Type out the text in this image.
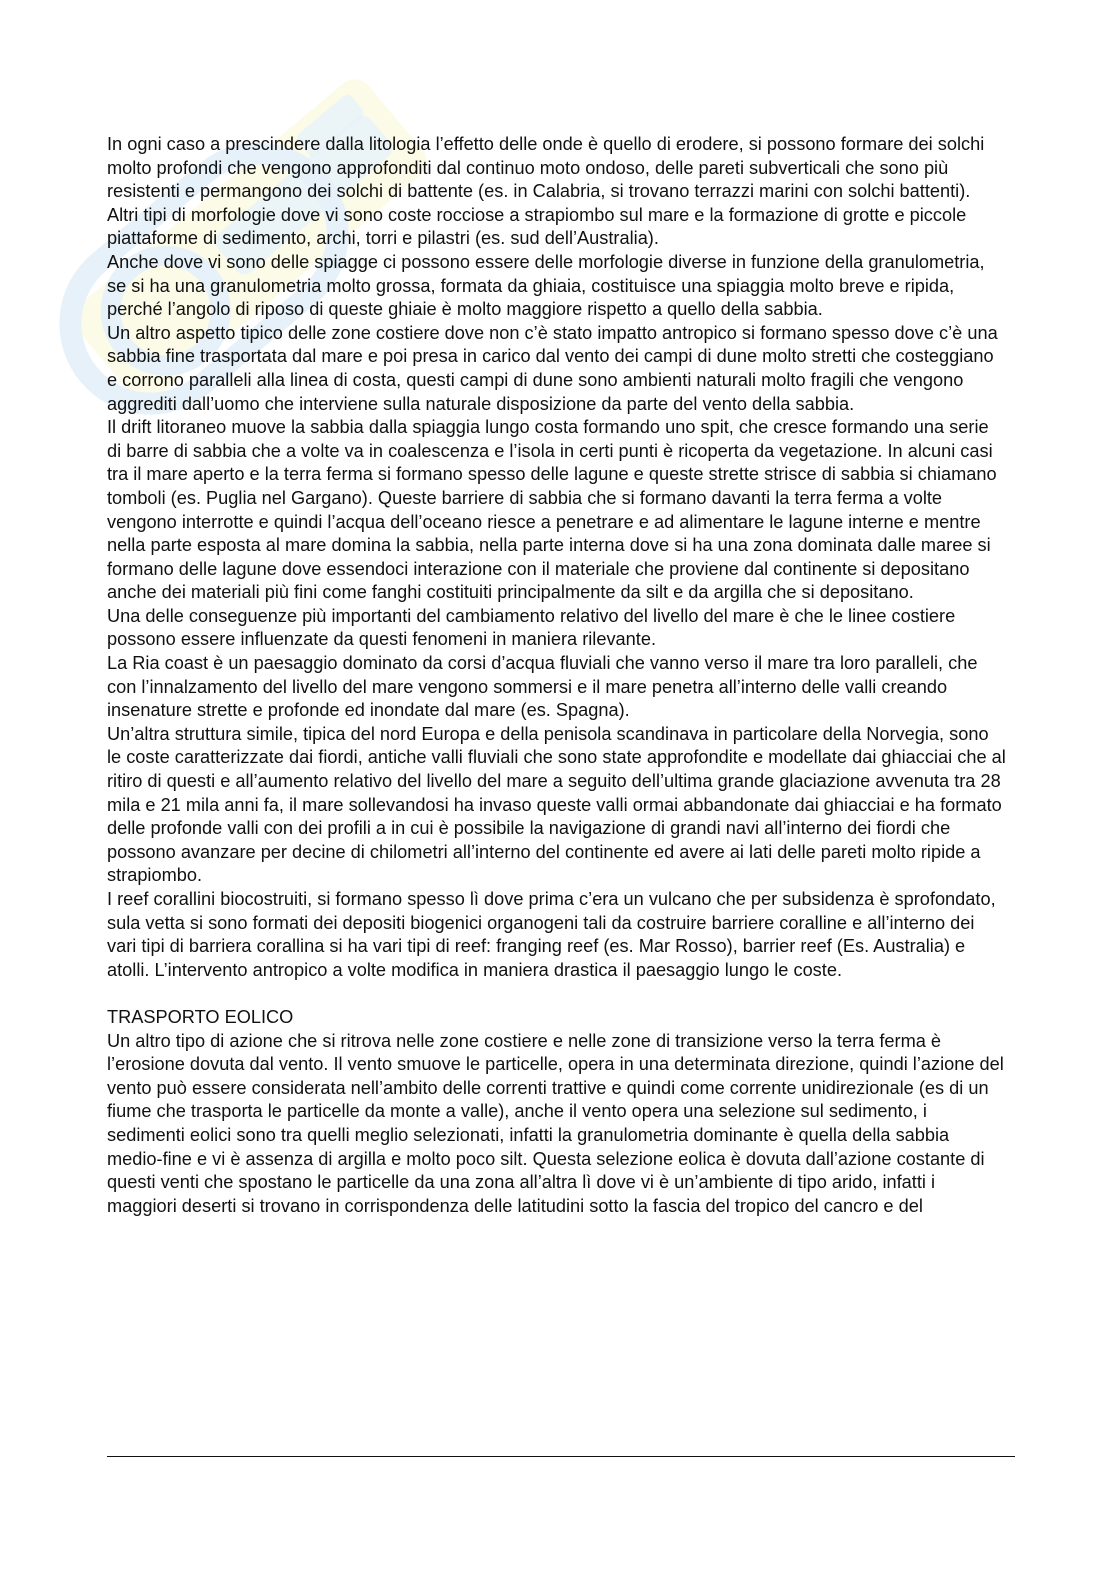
In ogni caso a prescindere dalla litologia l’effetto delle onde è quello di erodere, si possono formare dei solchi molto profondi che vengono approfonditi dal continuo moto ondoso, delle pareti subverticali che sono più resistenti e permangono dei solchi di battente (es. in Calabria, si trovano terrazzi marini con solchi battenti).

Altri tipi di morfologie dove vi sono coste rocciose a strapiombo sul mare e la formazione di grotte e piccole piattaforme di sedimento, archi, torri e pilastri (es. sud dell’Australia).

Anche dove vi sono delle spiagge ci possono essere delle morfologie diverse in funzione della granulometria, se si ha una granulometria molto grossa, formata da ghiaia, costituisce una spiaggia molto breve e ripida, perché l’angolo di riposo di queste ghiaie è molto maggiore rispetto a quello della sabbia.

Un altro aspetto tipico delle zone costiere dove non c’è stato impatto antropico si formano spesso dove c’è una sabbia fine trasportata dal mare e poi presa in carico dal vento dei campi di dune molto stretti che costeggiano e corrono paralleli alla linea di costa, questi campi di dune sono ambienti naturali molto fragili che vengono aggrediti dall’uomo che interviene sulla naturale disposizione da parte del vento della sabbia.

Il drift litoraneo muove la sabbia dalla spiaggia lungo costa formando uno spit, che cresce formando una serie di barre di sabbia che a volte va in coalescenza e l’isola in certi punti è ricoperta da vegetazione. In alcuni casi tra il mare aperto e la terra ferma si formano spesso delle lagune e queste strette strisce di sabbia si chiamano tomboli (es. Puglia nel Gargano). Queste barriere di sabbia che si formano davanti la terra ferma a volte vengono interrotte e quindi l’acqua dell’oceano riesce a penetrare e ad alimentare le lagune interne e mentre nella parte esposta al mare domina la sabbia, nella parte interna dove si ha una zona dominata dalle maree si formano delle lagune dove essendoci interazione con il materiale che proviene dal continente si depositano anche dei materiali più fini come fanghi costituiti principalmente da silt e da argilla che si depositano.

Una delle conseguenze più importanti del cambiamento relativo del livello del mare è che le linee costiere possono essere influenzate da questi fenomeni in maniera rilevante.

La Ria coast è un paesaggio dominato da corsi d’acqua fluviali che vanno verso il mare tra loro paralleli, che con l’innalzamento del livello del mare vengono sommersi e il mare penetra all’interno delle valli creando insenature strette e profonde ed inondate dal mare (es. Spagna).

Un’altra struttura simile, tipica del nord Europa e della penisola scandinava in particolare della Norvegia, sono le coste caratterizzate dai fiordi, antiche valli fluviali che sono state approfondite e modellate dai ghiacciai che al ritiro di questi e all’aumento relativo del livello del mare a seguito dell’ultima grande glaciazione avvenuta tra 28 mila e 21 mila anni fa, il mare sollevandosi ha invaso queste valli ormai abbandonate dai ghiacciai e ha formato delle profonde valli con dei profili a in cui è possibile la navigazione di grandi navi all’interno dei fiordi che possono avanzare per decine di chilometri all’interno del continente ed avere ai lati delle pareti molto ripide a strapiombo.

I reef corallini biocostruiti, si formano spesso lì dove prima c’era un vulcano che per subsidenza è sprofondato, sula vetta si sono formati dei depositi biogenici organogeni tali da costruire barriere coralline e all’interno dei vari tipi di barriera corallina si ha vari tipi di reef: franging reef (es. Mar Rosso), barrier reef (Es. Australia) e atolli. L’intervento antropico a volte modifica in maniera drastica il paesaggio lungo le coste.

TRASPORTO EOLICO

Un altro tipo di azione che si ritrova nelle zone costiere e nelle zone di transizione verso la terra ferma è l’erosione dovuta dal vento. Il vento smuove le particelle, opera in una determinata direzione, quindi l’azione del vento può essere considerata nell’ambito delle correnti trattive e quindi come corrente unidirezionale (es di un fiume che trasporta le particelle da monte a valle), anche il vento opera una selezione sul sedimento, i sedimenti eolici sono tra quelli meglio selezionati, infatti la granulometria dominante è quella della sabbia medio-fine e vi è assenza di argilla e molto poco silt. Questa selezione eolica è dovuta dall’azione costante di questi venti che spostano le particelle da una zona all’altra lì dove vi è un’ambiente di tipo arido, infatti i maggiori deserti si trovano in corrispondenza delle latitudini sotto la fascia del tropico del cancro e del
